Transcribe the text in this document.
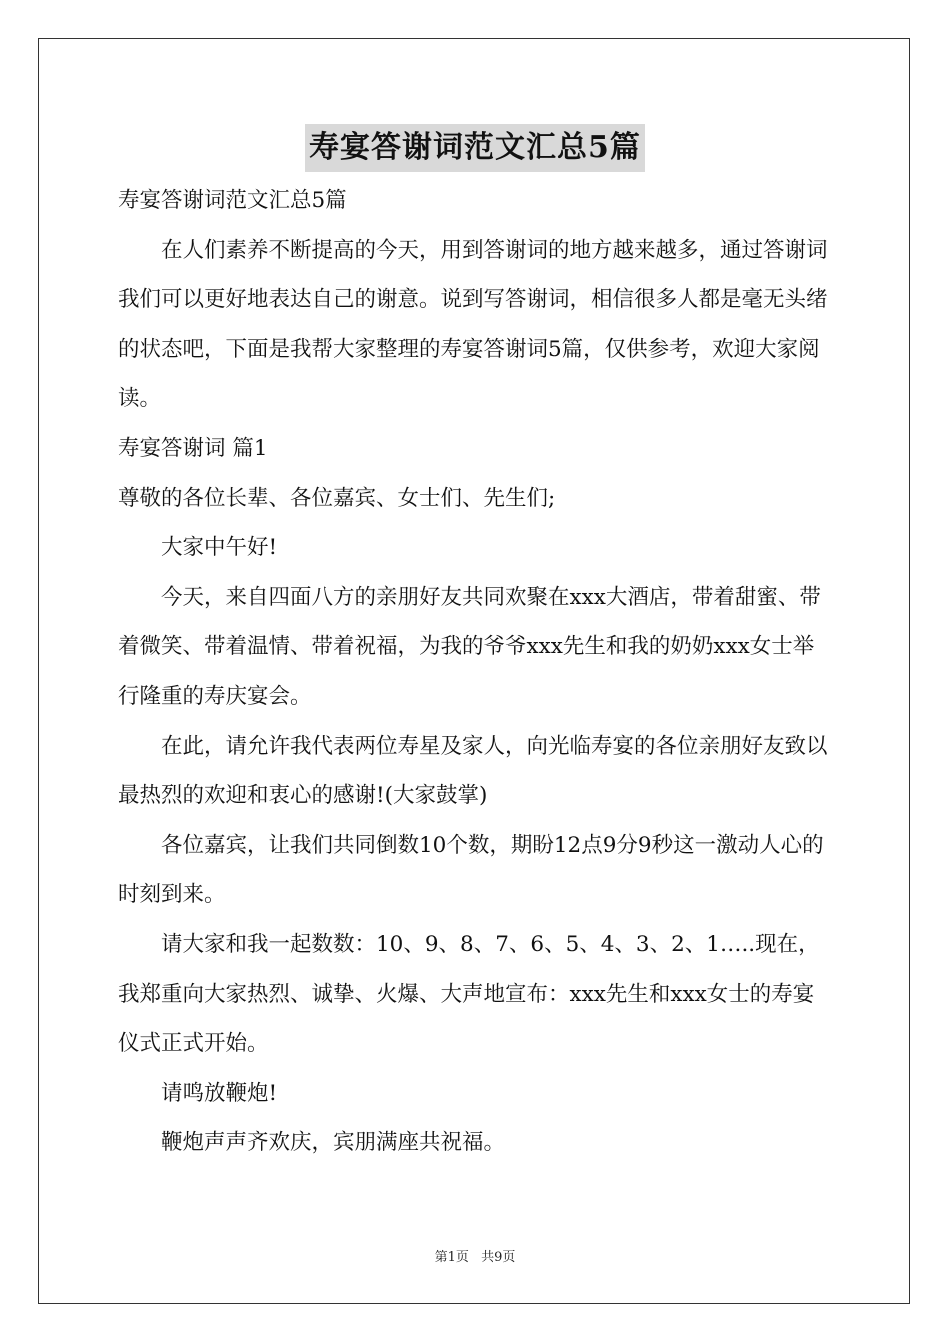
寿宴答谢词范文汇总5篇

寿宴答谢词范文汇总5篇

在人们素养不断提高的今天，用到答谢词的地方越来越多，通过答谢词我们可以更好地表达自己的谢意。说到写答谢词，相信很多人都是毫无头绪的状态吧，下面是我帮大家整理的寿宴答谢词5篇，仅供参考，欢迎大家阅读。

寿宴答谢词 篇1

尊敬的各位长辈、各位嘉宾、女士们、先生们;

大家中午好!

今天，来自四面八方的亲朋好友共同欢聚在xxx大酒店，带着甜蜜、带着微笑、带着温情、带着祝福，为我的爷爷xxx先生和我的奶奶xxx女士举行隆重的寿庆宴会。

在此，请允许我代表两位寿星及家人，向光临寿宴的各位亲朋好友致以最热烈的欢迎和衷心的感谢!(大家鼓掌)

各位嘉宾，让我们共同倒数10个数，期盼12点9分9秒这一激动人心的时刻到来。

请大家和我一起数数：10、9、8、7、6、5、4、3、2、1…..现在，我郑重向大家热烈、诚挚、火爆、大声地宣布：xxx先生和xxx女士的寿宴仪式正式开始。

请鸣放鞭炮!

鞭炮声声齐欢庆，宾朋满座共祝福。

第1页 共9页
